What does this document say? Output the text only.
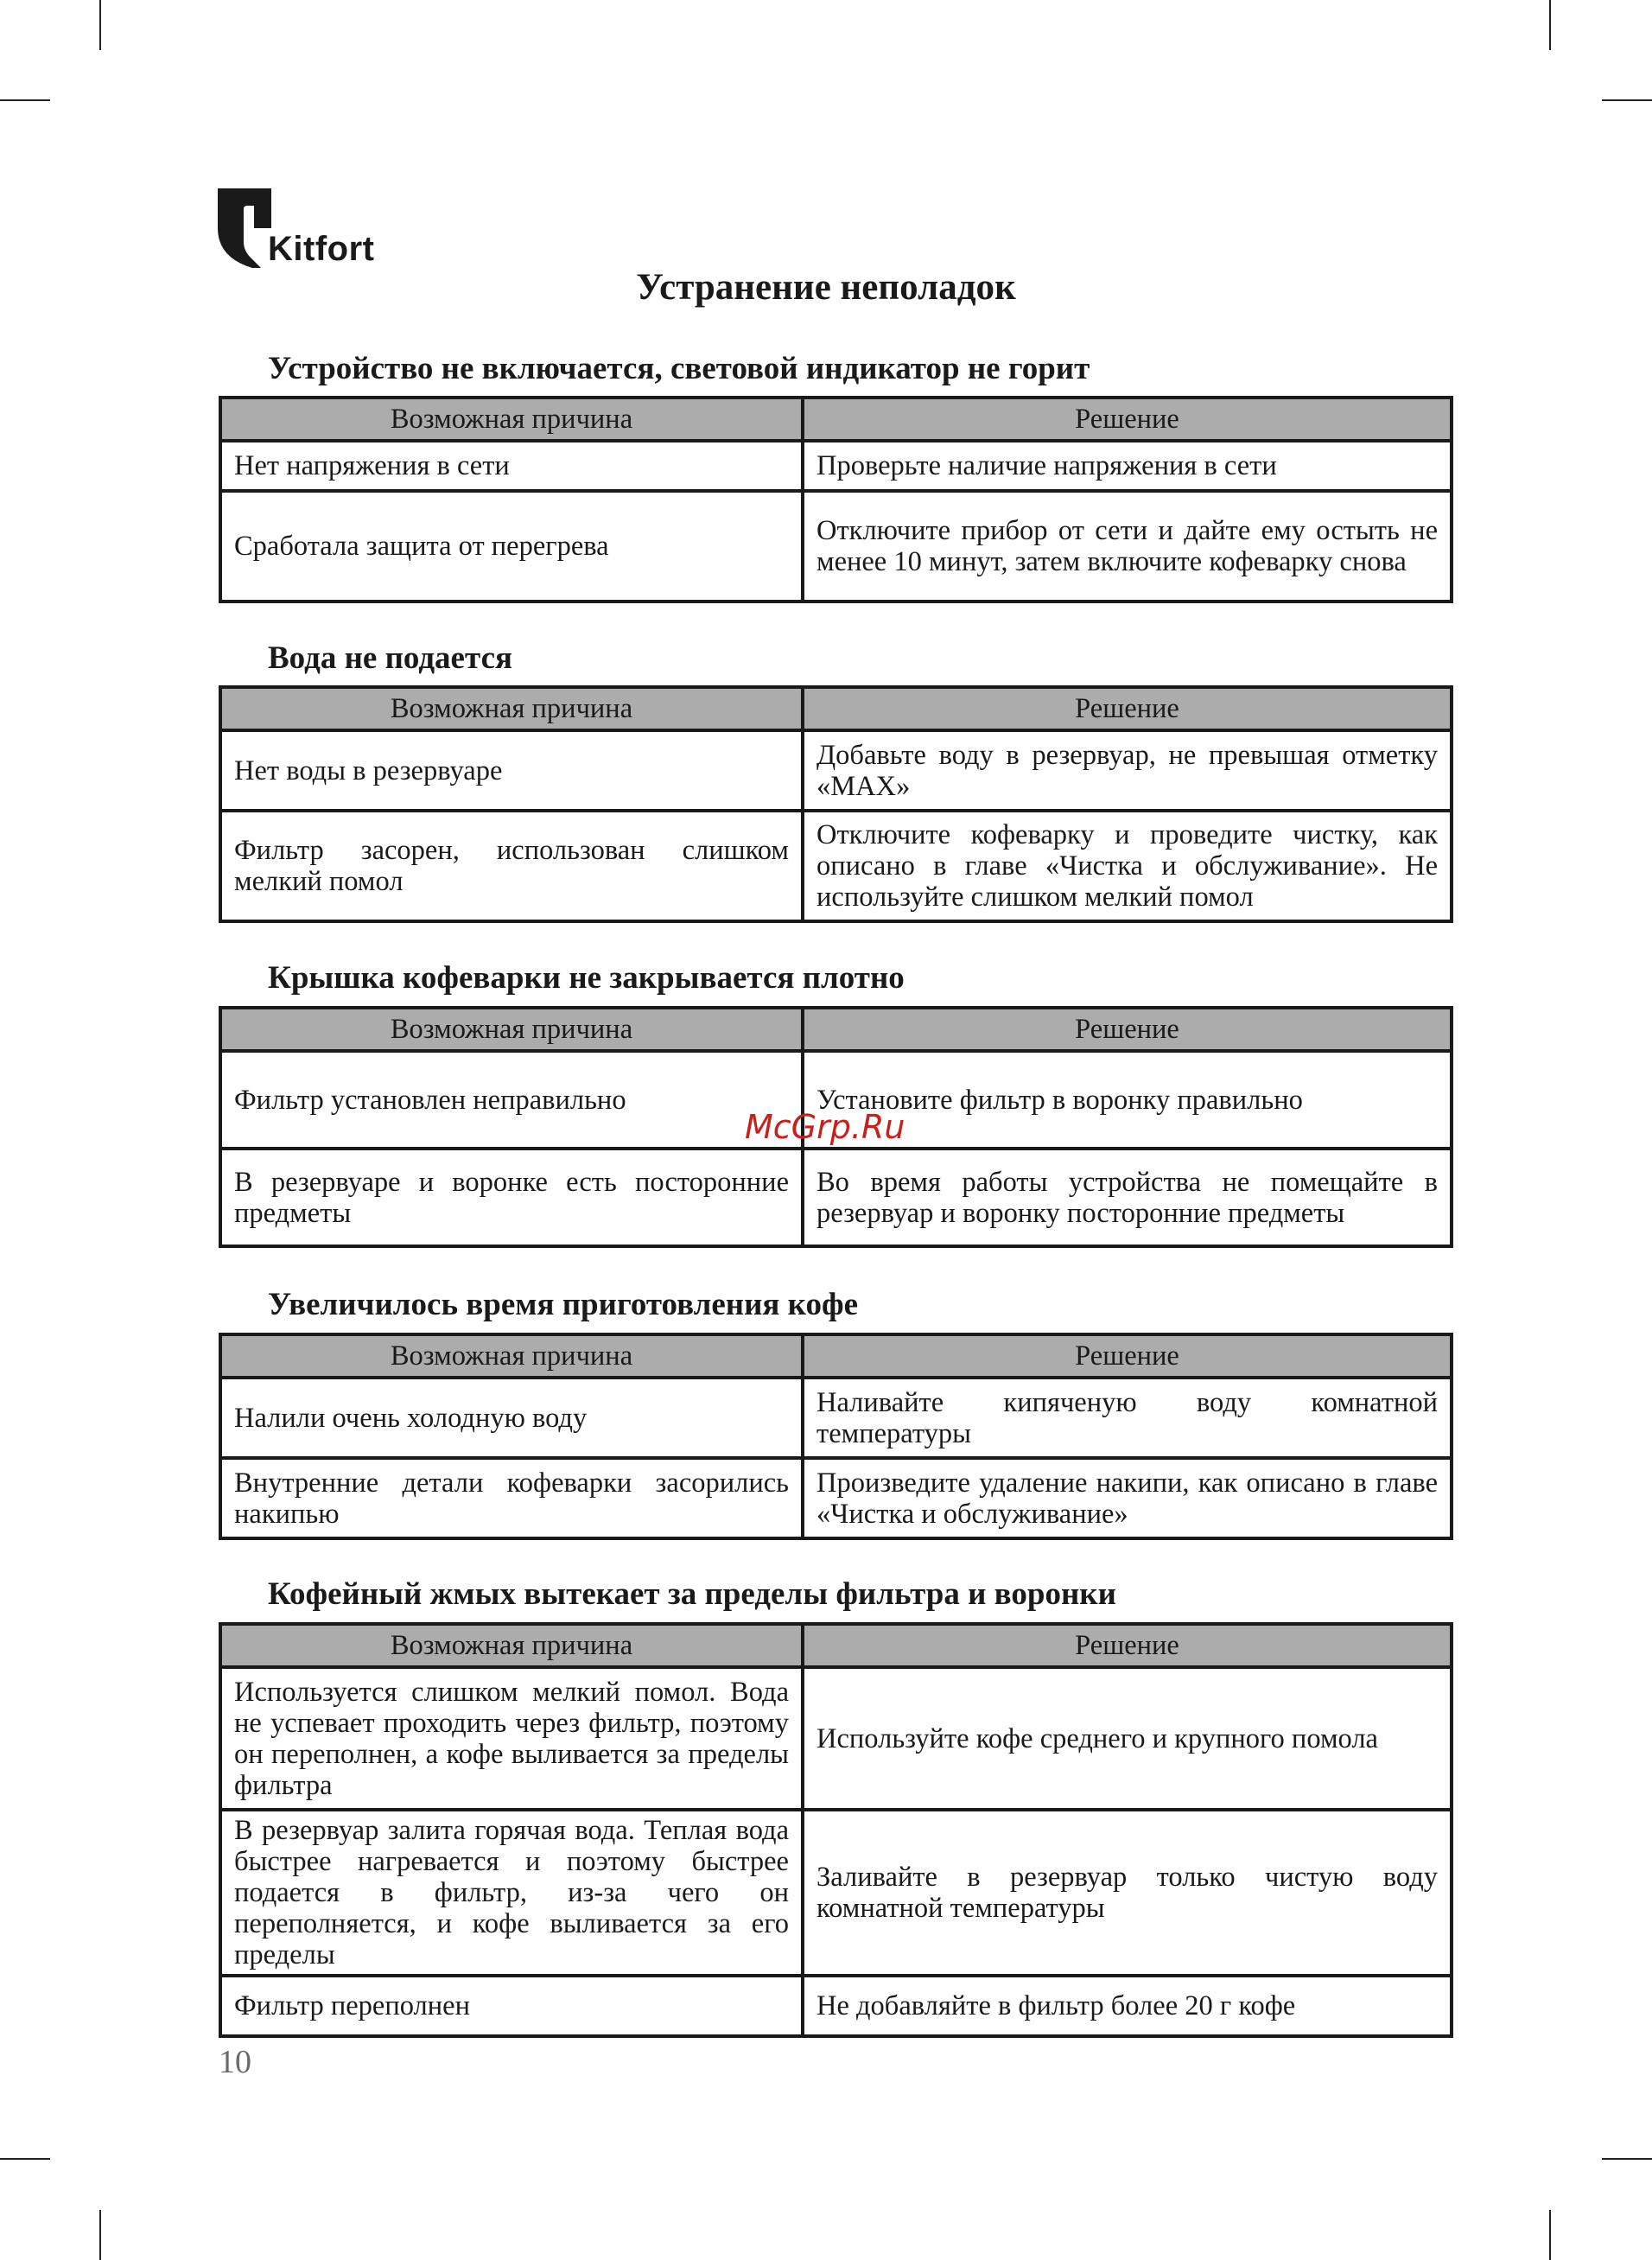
Kitfort
Устранение неполадок
Устройство не включается, световой индикатор не горит
Возможная причина	Решение
Нет напряжения в сети	Проверьте наличие напряжения в сети
Сработала защита от перегрева	Отключите прибор от сети и дайте ему остыть не менее 10 минут, затем включите кофеварку снова
Вода не подается
Возможная причина	Решение
Нет воды в резервуаре	Добавьте воду в резервуар, не превышая отметку «MAX»
Фильтр засорен, использован слишком мелкий помол	Отключите кофеварку и проведите чистку, как описано в главе «Чистка и обслуживание». Не используйте слишком мелкий помол
Крышка кофеварки не закрывается плотно
Возможная причина	Решение
Фильтр установлен неправильно	Установите фильтр в воронку правильно
В резервуаре и воронке есть посторонние предметы	Во время работы устройства не помещайте в резервуар и воронку посторонние предметы
Увеличилось время приготовления кофе
Возможная причина	Решение
Налили очень холодную воду	Наливайте кипяченую воду комнатной температуры
Внутренние детали кофеварки засорились накипью	Произведите удаление накипи, как описано в главе «Чистка и обслуживание»
Кофейный жмых вытекает за пределы фильтра и воронки
Возможная причина	Решение
Используется слишком мелкий помол. Вода не успевает проходить через фильтр, поэтому он переполнен, а кофе выливается за пределы фильтра	Используйте кофе среднего и крупного помола
В резервуар залита горячая вода. Теплая вода быстрее нагревается и поэтому быстрее подается в фильтр, из-за чего он переполняется, и кофе выливается за его пределы	Заливайте в резервуар только чистую воду комнатной температуры
Фильтр переполнен	Не добавляйте в фильтр более 20 г кофе
McGrp.Ru
10
